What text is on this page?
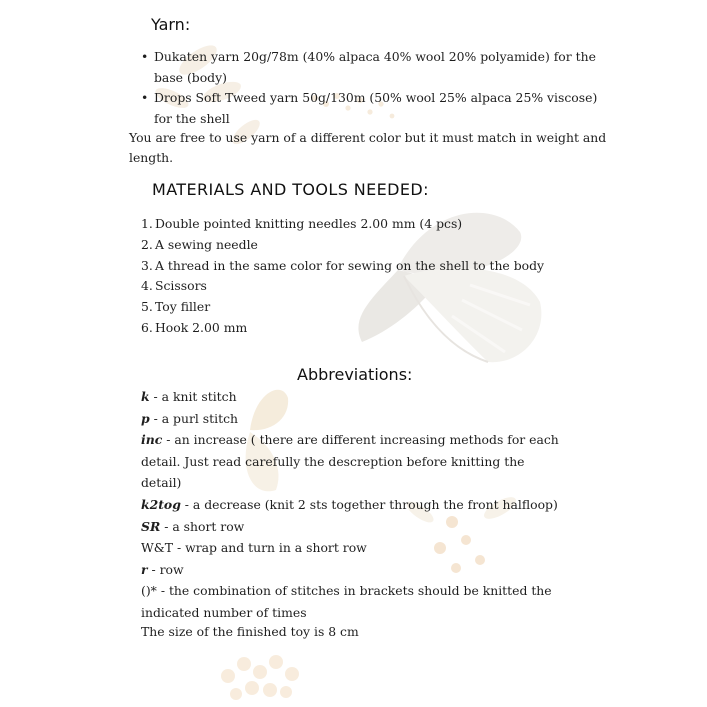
Yarn:
• Dukaten yarn 20g/78m (40% alpaca 40% wool 20% polyamide) for the base (body)
• Drops Soft Tweed yarn 50g/130m (50% wool 25% alpaca 25% viscose) for the shell
You are free to use yarn of a different color but it must match in weight and
length.
MATERIALS AND TOOLS NEEDED:
1. Double pointed knitting needles 2.00 mm (4 pcs)
2. A sewing needle
3. A thread in the same color for sewing on the shell to the body
4. Scissors
5. Toy filler
6. Hook 2.00 mm
Abbreviations:

k - a knit stitch

p - a purl stitch

inc - an increase ( there are different increasing methods for each detail. Just read carefully the descreption before knitting the detail)

k2tog - a decrease (knit 2 sts together through the front halfloop)

SR - a short row

W&T - wrap and turn in a short row

r - row

()* - the combination of stitches in brackets should be knitted the indicated number of times

The size of the finished toy is 8 cm
